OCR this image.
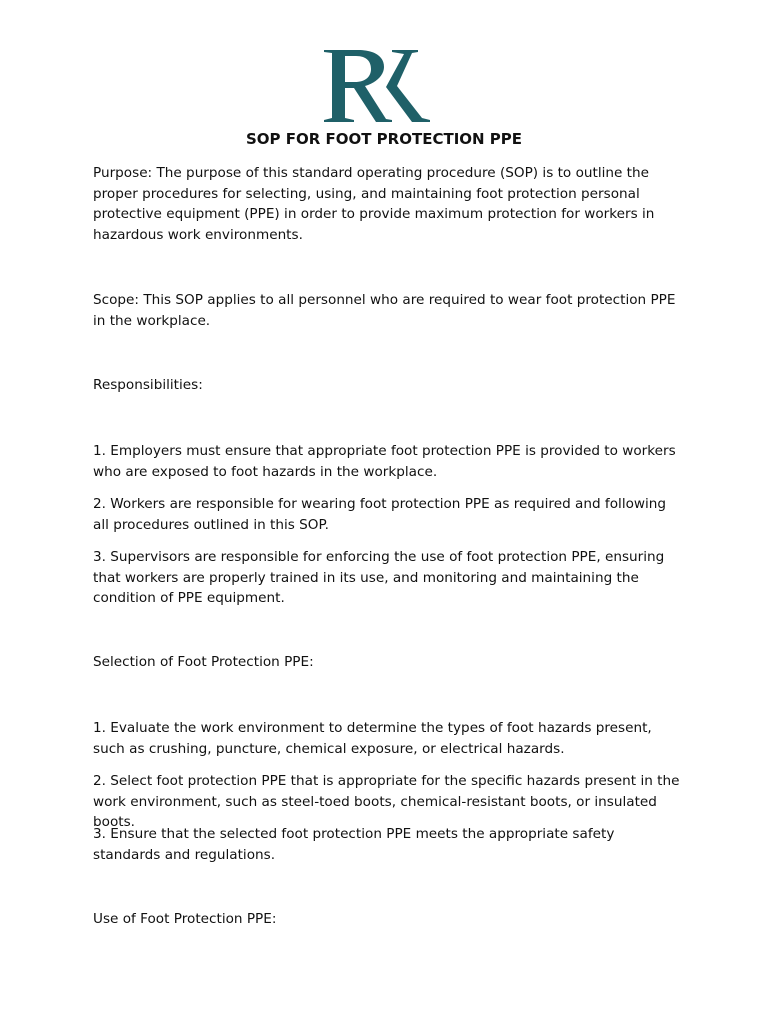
SOP FOR FOOT PROTECTION PPE

Purpose: The purpose of this standard operating procedure (SOP) is to outline the proper procedures for selecting, using, and maintaining foot protection personal protective equipment (PPE) in order to provide maximum protection for workers in hazardous work environments.

Scope: This SOP applies to all personnel who are required to wear foot protection PPE in the workplace.

Responsibilities:

1. Employers must ensure that appropriate foot protection PPE is provided to workers who are exposed to foot hazards in the workplace.

2. Workers are responsible for wearing foot protection PPE as required and following all procedures outlined in this SOP.

3. Supervisors are responsible for enforcing the use of foot protection PPE, ensuring that workers are properly trained in its use, and monitoring and maintaining the condition of PPE equipment.

Selection of Foot Protection PPE:

1. Evaluate the work environment to determine the types of foot hazards present, such as crushing, puncture, chemical exposure, or electrical hazards.

2. Select foot protection PPE that is appropriate for the specific hazards present in the work environment, such as steel-toed boots, chemical-resistant boots, or insulated boots.

3. Ensure that the selected foot protection PPE meets the appropriate safety standards and regulations.

Use of Foot Protection PPE:
